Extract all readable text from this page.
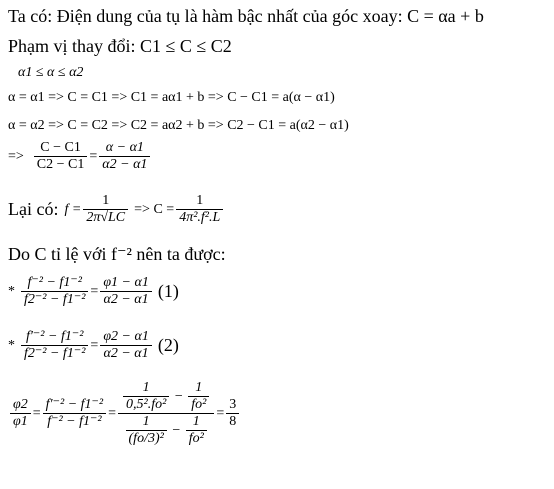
Ta có: Điện dung của tụ là hàm bậc nhất của góc xoay: C = αa + b
Phạm vị thay đổi: C1 ≤ C ≤ C2
α1 ≤ α ≤ α2
α = α1 => C = C1 => C1 = aα1 + b => C − C1 = a(α − α1)
α = α2 => C = C2 => C2 = aα2 + b => C2 − C1 = a(α2 − α1)
=> $\frac{C - C1}{C2 - C1} = \frac{\alpha - \alpha 1}{\alpha 2 - \alpha 1}$
Lại có: $f = \frac{1}{2\pi√LC} => C = \frac{1}{\text{4π².f².L}}$
Do C tỉ lệ với f⁻² nên ta được:
* $\frac{\text{f⁻² − f1⁻²}}{\text{f2⁻² − f1⁻²}} = \frac{\varphi 1 - \alpha 1}{\alpha 2 - \alpha 1} (1)$
* $\frac{\text{f′⁻² − f1⁻²}}{\text{f2⁻² − f1⁻²}} = \frac{\varphi 2 - \alpha 1}{\alpha 2 - \alpha 1} (2)$
$\frac{\varphi 2}{\varphi 1} = \frac{\text{f′⁻² − f1⁻²}}{\text{f⁻² − f1⁻²}} = \frac{1}{\text{0,5².fo²}} - \frac{1}{\text{fo²}}$
$\frac{1}{\text{(fo/3)²}} - \frac{1}{\text{fo²}}$
= $\frac{3}{8}$
